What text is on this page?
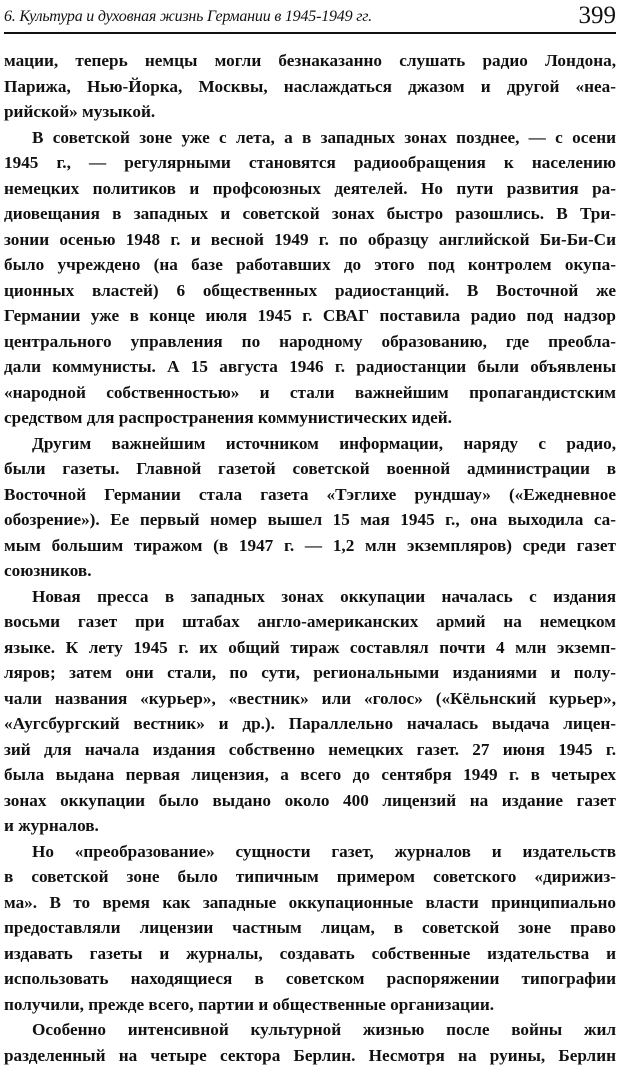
6. Культура и духовная жизнь Германии в 1945-1949 гг.	399
мации, теперь немцы могли безнаказанно слушать радио Лондона,
Парижа, Нью-Йорка, Москвы, наслаждаться джазом и другой «неа-
рийской» музыкой.
В советской зоне уже с лета, а в западных зонах позднее, — с осени
1945 г., — регулярными становятся радиообращения к населению
немецких политиков и профсоюзных деятелей. Но пути развития ра-
диовещания в западных и советской зонах быстро разошлись. В Три-
зонии осенью 1948 г. и весной 1949 г. по образцу английской Би-Би-Си
было учреждено (на базе работавших до этого под контролем окупа-
ционных властей) 6 общественных радиостанций. В Восточной же
Германии уже в конце июля 1945 г. СВАГ поставила радио под надзор
центрального управления по народному образованию, где преобла-
дали коммунисты. А 15 августа 1946 г. радиостанции были объявлены
«народной собственностью» и стали важнейшим пропагандистским
средством для распространения коммунистических идей.
Другим важнейшим источником информации, наряду с радио,
были газеты. Главной газетой советской военной администрации в
Восточной Германии стала газета «Тэглихе рундшау» («Ежедневное
обозрение»). Ее первый номер вышел 15 мая 1945 г., она выходила са-
мым большим тиражом (в 1947 г. — 1,2 млн экземпляров) среди газет
союзников.
Новая пресса в западных зонах оккупации началась с издания
восьми газет при штабах англо-американских армий на немецком
языке. К лету 1945 г. их общий тираж составлял почти 4 млн экземп-
ляров; затем они стали, по сути, региональными изданиями и полу-
чали названия «курьер», «вестник» или «голос» («Кёльнский курьер»,
«Аугсбургский вестник» и др.). Параллельно началась выдача лицен-
зий для начала издания собственно немецких газет. 27 июня 1945 г.
была выдана первая лицензия, а всего до сентября 1949 г. в четырех
зонах оккупации было выдано около 400 лицензий на издание газет
и журналов.
Но «преобразование» сущности газет, журналов и издательств
в советской зоне было типичным примером советского «дирижиз-
ма». В то время как западные оккупационные власти принципиально
предоставляли лицензии частным лицам, в советской зоне право
издавать газеты и журналы, создавать собственные издательства и
использовать находящиеся в советском распоряжении типографии
получили, прежде всего, партии и общественные организации.
Особенно интенсивной культурной жизнью после войны жил
разделенный на четыре сектора Берлин. Несмотря на руины, Берлин
